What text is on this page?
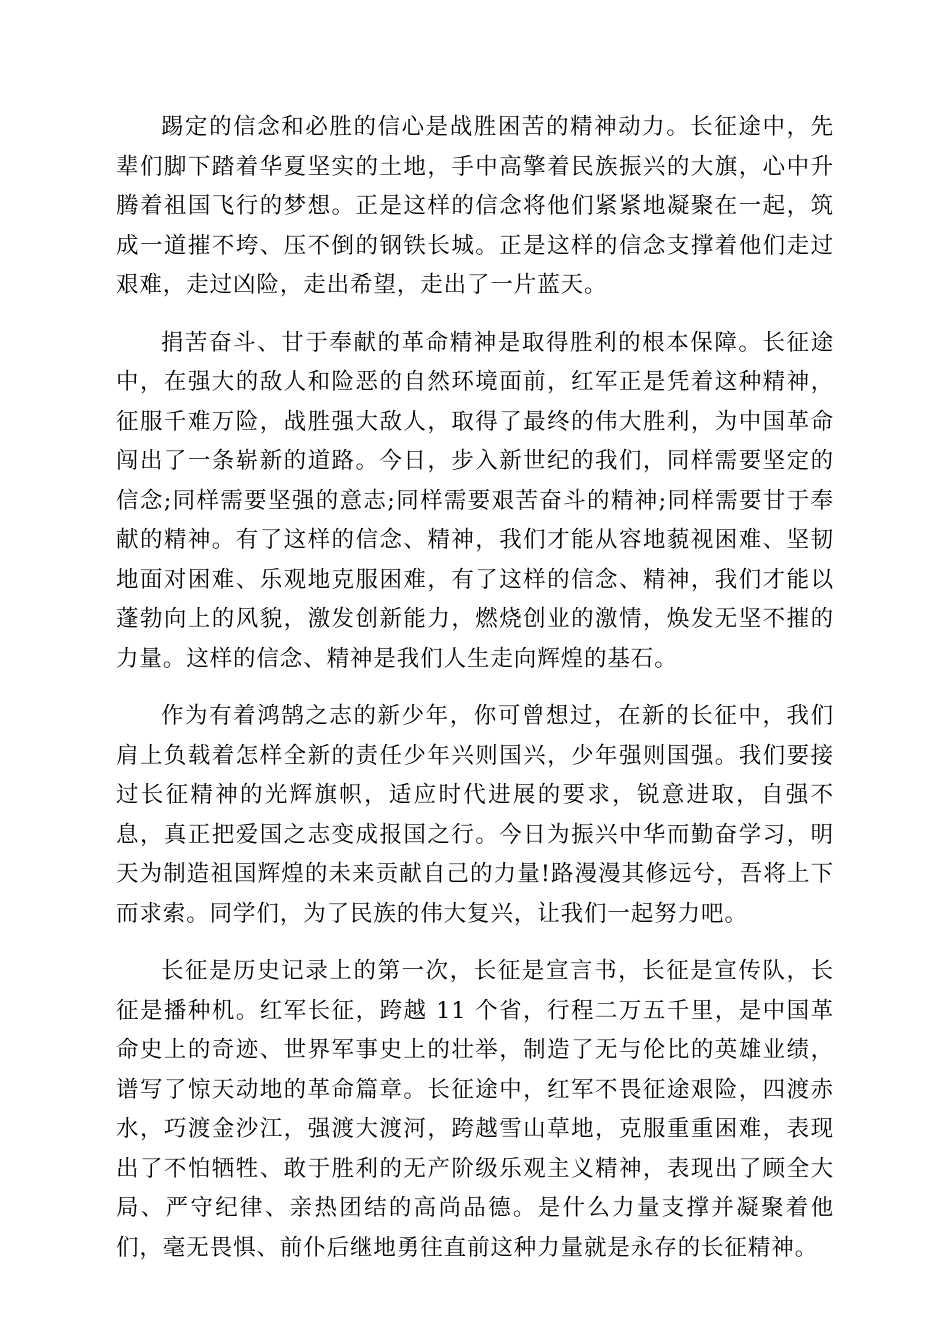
踢定的信念和必胜的信心是战胜困苦的精神动力。长征途中，先辈们脚下踏着华夏坚实的土地，手中高擎着民族振兴的大旗，心中升腾着祖国飞行的梦想。正是这样的信念将他们紧紧地凝聚在一起，筑成一道摧不垮、压不倒的钢铁长城。正是这样的信念支撑着他们走过艰难，走过凶险，走出希望，走出了一片蓝天。

捐苦奋斗、甘于奉献的革命精神是取得胜利的根本保障。长征途中，在强大的敌人和险恶的自然环境面前，红军正是凭着这种精神，征服千难万险，战胜强大敌人，取得了最终的伟大胜利，为中国革命闯出了一条崭新的道路。今日，步入新世纪的我们，同样需要坚定的信念;同样需要坚强的意志;同样需要艰苦奋斗的精神;同样需要甘于奉献的精神。有了这样的信念、精神，我们才能从容地藐视困难、坚韧地面对困难、乐观地克服困难，有了这样的信念、精神，我们才能以蓬勃向上的风貌，激发创新能力，燃烧创业的激情，焕发无坚不摧的力量。这样的信念、精神是我们人生走向辉煌的基石。

作为有着鸿鹄之志的新少年，你可曾想过，在新的长征中，我们肩上负载着怎样全新的责任少年兴则国兴，少年强则国强。我们要接过长征精神的光辉旗帜，适应时代进展的要求，锐意进取，自强不息，真正把爱国之志变成报国之行。今日为振兴中华而勤奋学习，明天为制造祖国辉煌的未来贡献自己的力量!路漫漫其修远兮，吾将上下而求索。同学们，为了民族的伟大复兴，让我们一起努力吧。

长征是历史记录上的第一次，长征是宣言书，长征是宣传队，长征是播种机。红军长征，跨越 11 个省，行程二万五千里，是中国革命史上的奇迹、世界军事史上的壮举，制造了无与伦比的英雄业绩，谱写了惊天动地的革命篇章。长征途中，红军不畏征途艰险，四渡赤水，巧渡金沙江，强渡大渡河，跨越雪山草地，克服重重困难，表现出了不怕牺牲、敢于胜利的无产阶级乐观主义精神，表现出了顾全大局、严守纪律、亲热团结的高尚品德。是什么力量支撑并凝聚着他们，毫无畏惧、前仆后继地勇往直前这种力量就是永存的长征精神。
